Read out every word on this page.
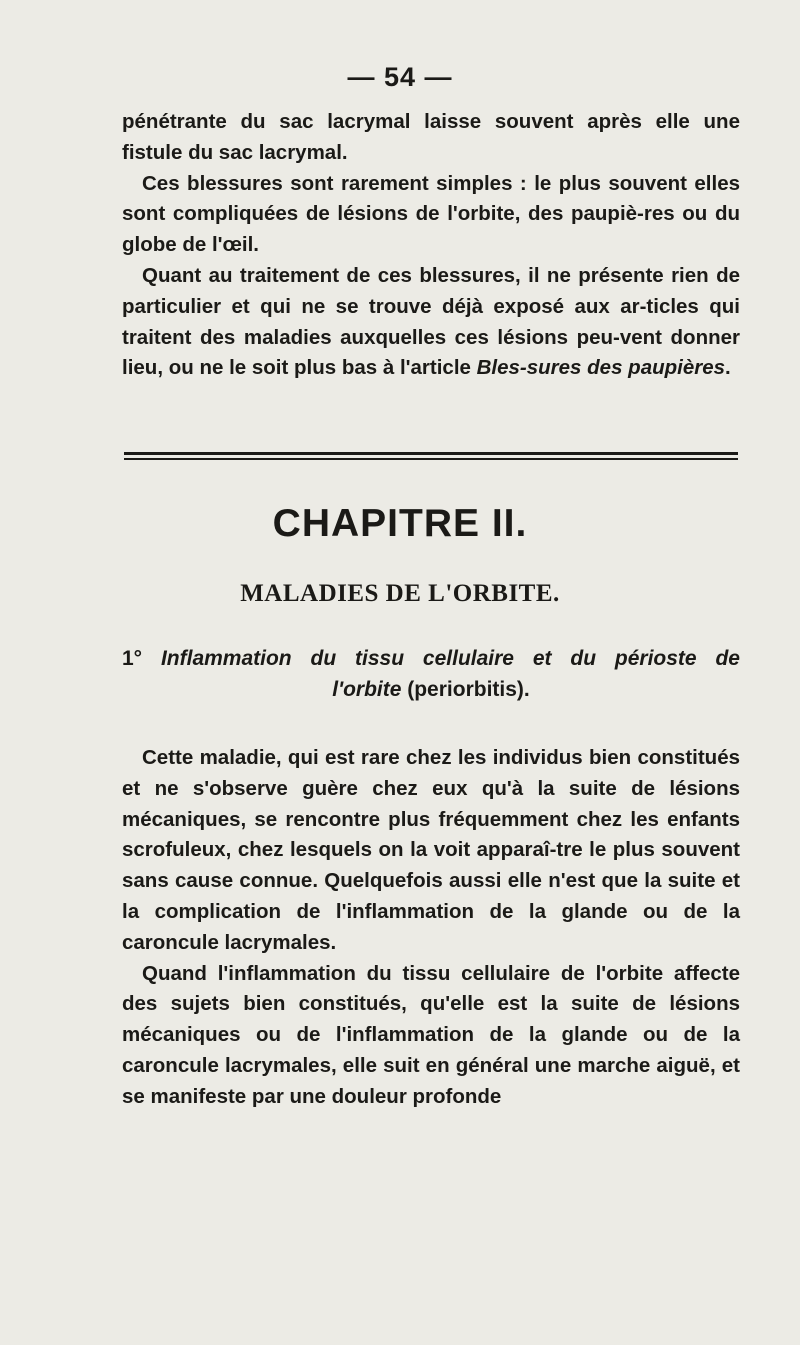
— 54 —

pénétrante du sac lacrymal laisse souvent après elle une fistule du sac lacrymal.

Ces blessures sont rarement simples : le plus souvent elles sont compliquées de lésions de l'orbite, des paupiè-res ou du globe de l'œil.

Quant au traitement de ces blessures, il ne présente rien de particulier et qui ne se trouve déjà exposé aux ar-ticles qui traitent des maladies auxquelles ces lésions peu-vent donner lieu, ou ne le soit plus bas à l'article Bles-sures des paupières.

CHAPITRE II.
MALADIES DE L'ORBITE.
1° Inflammation du tissu cellulaire et du périoste de
l'orbite (periorbitis).

Cette maladie, qui est rare chez les individus bien constitués et ne s'observe guère chez eux qu'à la suite de lésions mécaniques, se rencontre plus fréquemment chez les enfants scrofuleux, chez lesquels on la voit apparaî-tre le plus souvent sans cause connue. Quelquefois aussi elle n'est que la suite et la complication de l'inflammation de la glande ou de la caroncule lacrymales.

Quand l'inflammation du tissu cellulaire de l'orbite affecte des sujets bien constitués, qu'elle est la suite de lésions mécaniques ou de l'inflammation de la glande ou de la caroncule lacrymales, elle suit en général une marche aiguë, et se manifeste par une douleur profonde
